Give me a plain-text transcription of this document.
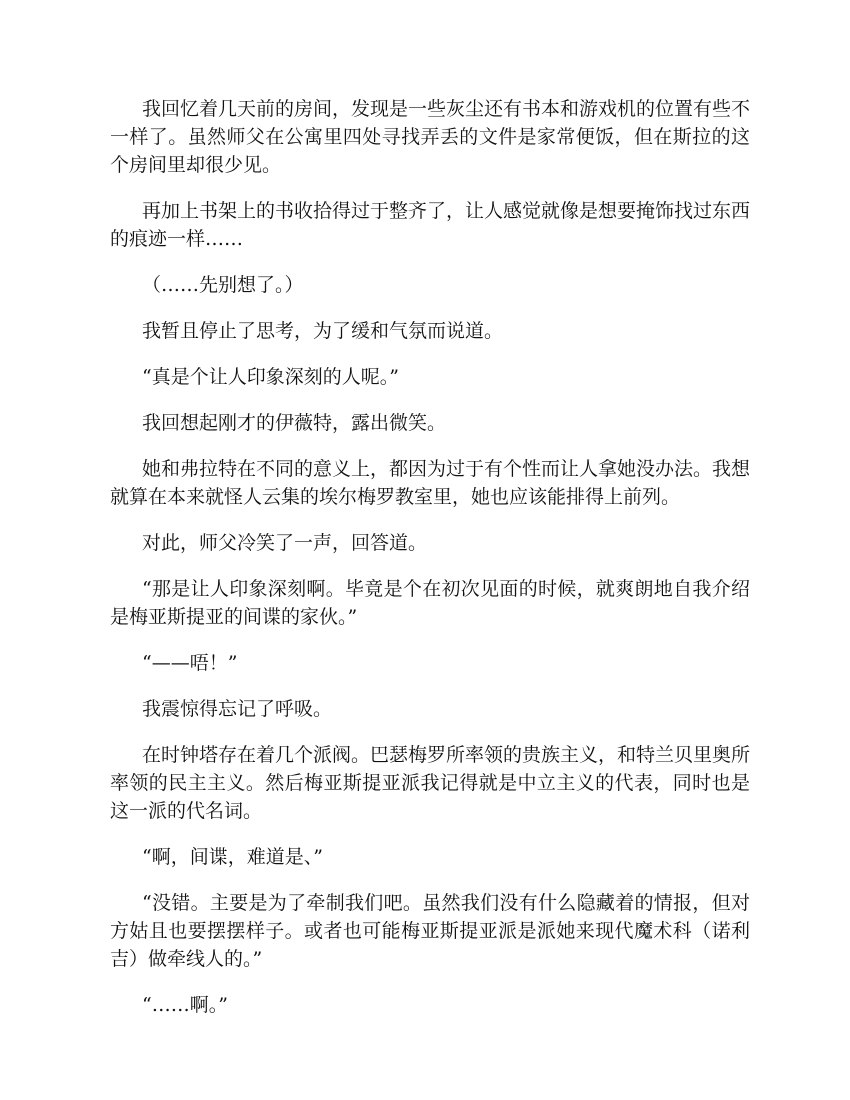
我回忆着几天前的房间，发现是一些灰尘还有书本和游戏机的位置有些不一样了。虽然师父在公寓里四处寻找弄丢的文件是家常便饭，但在斯拉的这个房间里却很少见。

再加上书架上的书收拾得过于整齐了，让人感觉就像是想要掩饰找过东西的痕迹一样……

（……先别想了。）

我暂且停止了思考，为了缓和气氛而说道。

“真是个让人印象深刻的人呢。”

我回想起刚才的伊薇特，露出微笑。

她和弗拉特在不同的意义上，都因为过于有个性而让人拿她没办法。我想就算在本来就怪人云集的埃尔梅罗教室里，她也应该能排得上前列。

对此，师父冷笑了一声，回答道。

“那是让人印象深刻啊。毕竟是个在初次见面的时候，就爽朗地自我介绍是梅亚斯提亚的间谍的家伙。”

“——唔！”

我震惊得忘记了呼吸。

在时钟塔存在着几个派阀。巴瑟梅罗所率领的贵族主义，和特兰贝里奥所率领的民主主义。然后梅亚斯提亚派我记得就是中立主义的代表，同时也是这一派的代名词。

“啊，间谍，难道是、”

“没错。主要是为了牵制我们吧。虽然我们没有什么隐藏着的情报，但对方姑且也要摆摆样子。或者也可能梅亚斯提亚派是派她来现代魔术科（诺利吉）做牵线人的。”

“……啊。”
